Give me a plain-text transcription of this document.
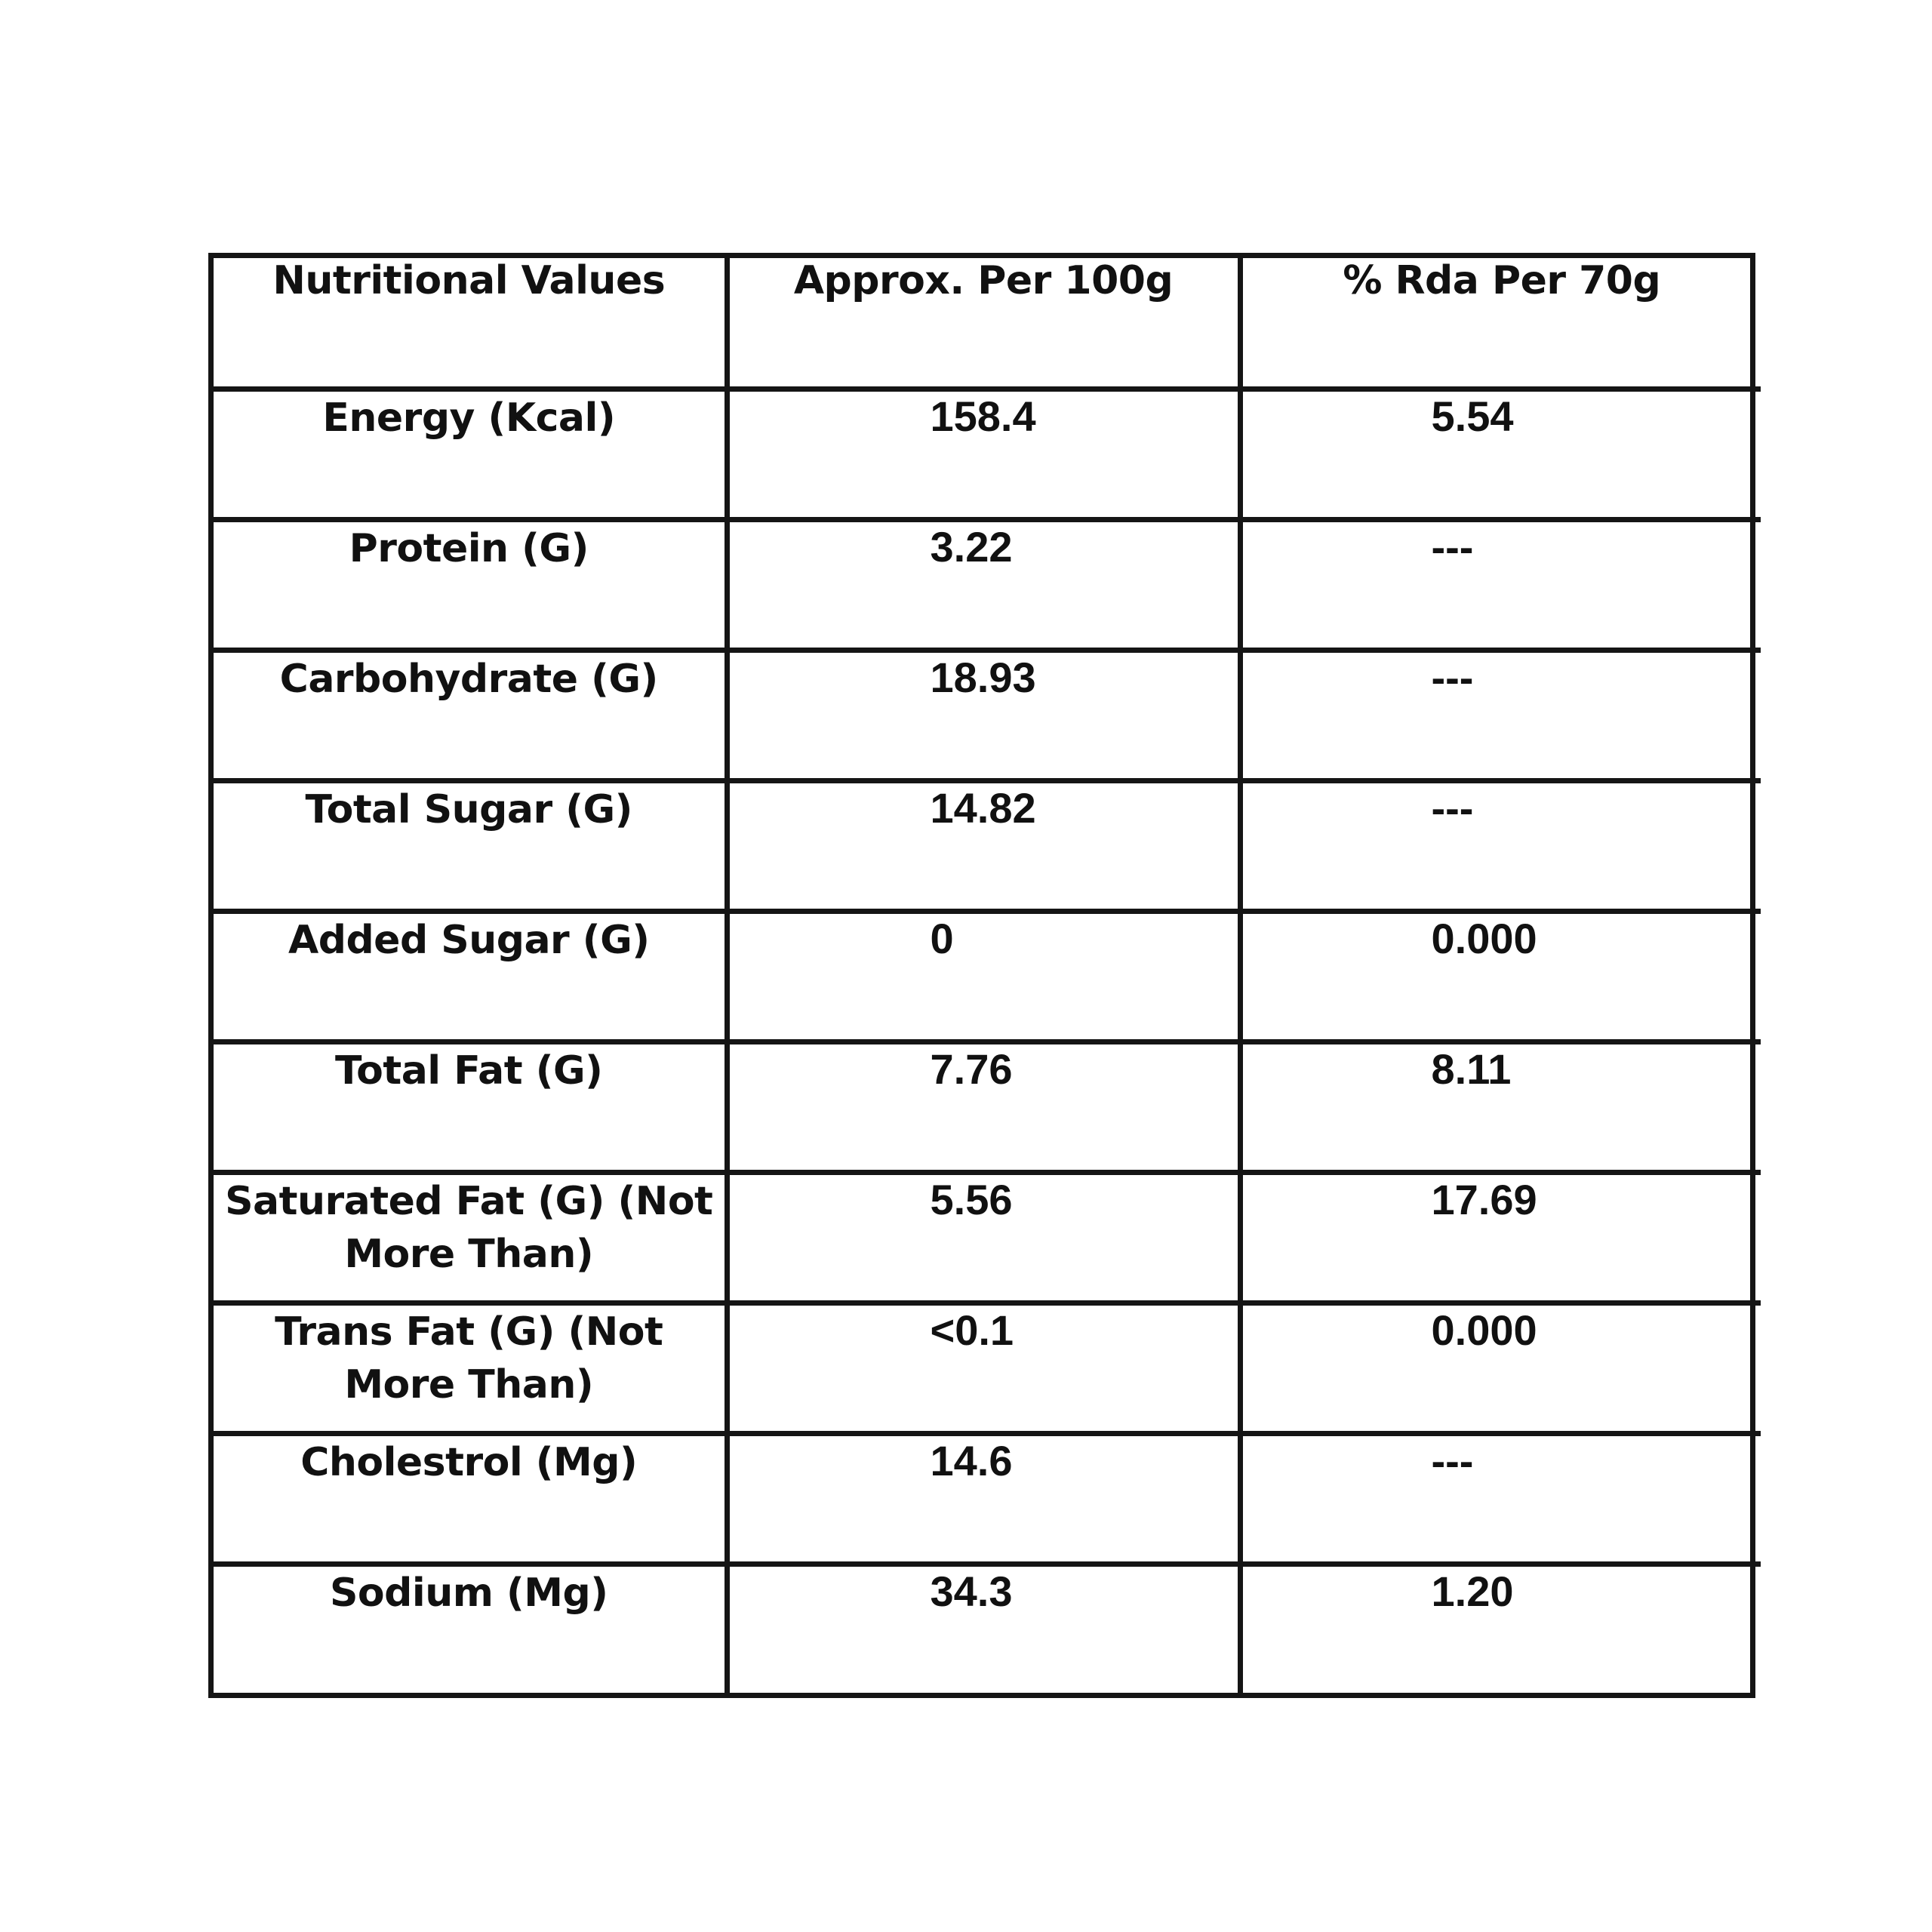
Nutritional Values	Approx. Per 100g	% Rda Per 70g
Energy (Kcal)	158.4	5.54
Protein (G)	3.22	---
Carbohydrate (G)	18.93	---
Total Sugar (G)	14.82	---
Added Sugar (G)	0	0.000
Total Fat (G)	7.76	8.11
Saturated Fat (G) (Not More Than)	5.56	17.69
Trans Fat (G) (Not More Than)	<0.1	0.000
Cholestrol (Mg)	14.6	---
Sodium (Mg)	34.3	1.20
